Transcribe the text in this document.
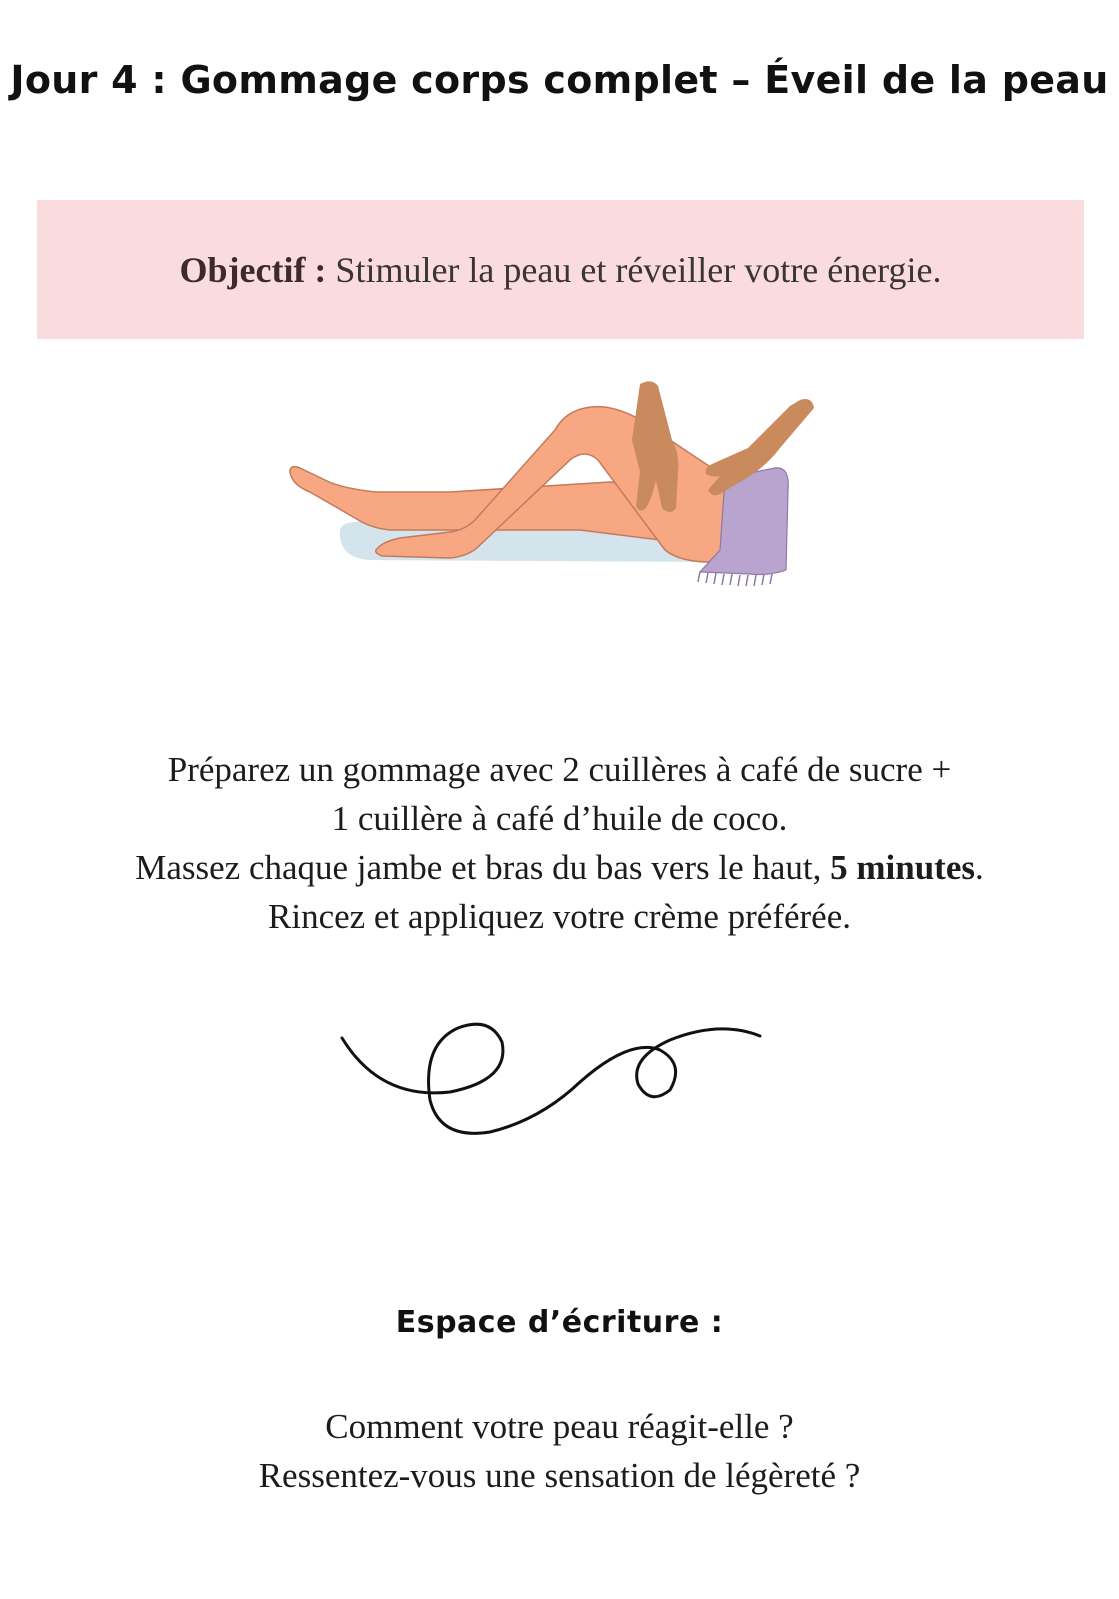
Jour 4 : Gommage corps complet – Éveil de la peau
Objectif : Stimuler la peau et réveiller votre énergie.
Préparez un gommage avec 2 cuillères à café de sucre +
1 cuillère à café d’huile de coco.
Massez chaque jambe et bras du bas vers le haut, 5 minutes.
Rincez et appliquez votre crème préférée.
Espace d’écriture :
Comment votre peau réagit-elle ?
Ressentez-vous une sensation de légèreté ?
